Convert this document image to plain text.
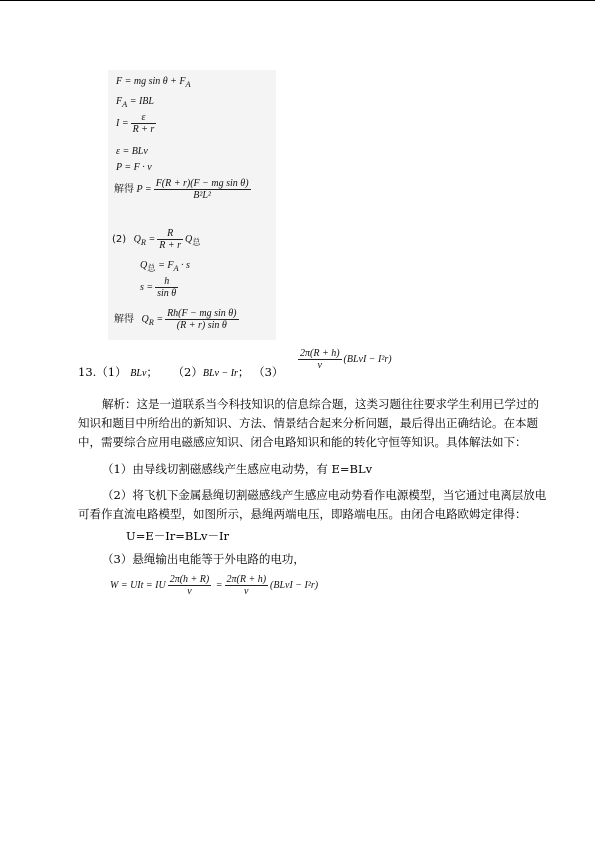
F = mg $\sin \theta + F_A$
$F_A$ = IBL
$I = \frac{\varepsilon}{R + r}$
ε = BLv
P = F · v
解得 $P = \frac{\text{F(R + r)(F − mg sin θ)}}{\text{B²L²}}$
(2) $Q_R = \frac{R}{R + r} Q_总$
$Q_总 = F_A \cdot s$
$s = \frac{h}{\text{sin θ}}$
解得 $Q_R = \frac{\text{Rh(F − mg sin θ)}}{\text{(R + r) sin θ}}$
13.（1） BLv； （2）BLv − Ir； （3）
$\frac{2\pi(R + h)}{v}$ (BLvI − I²r)

解析：这是一道联系当今科技知识的信息综合题，这类习题往往要求学生利用已学过的知识和题目中所给出的新知识、方法、情景结合起来分析问题，最后得出正确结论。在本题中，需要综合应用电磁感应知识、闭合电路知识和能的转化守恒等知识。具体解法如下：

（1）由导线切割磁感线产生感应电动势，有 E=BLv

（2）将飞机下金属悬绳切割磁感线产生感应电动势看作电源模型，当它通过电离层放电可看作直流电路模型，如图所示，悬绳两端电压，即路端电压。由闭合电路欧姆定律得：

U=E－Ir=BLv－Ir

（3）悬绳输出电能等于外电路的电功，

W = UIt = IU $\frac{2\pi(h + R)}{v} = \frac{2\pi(R + h)}{v}$ (BLvI − I²r)
